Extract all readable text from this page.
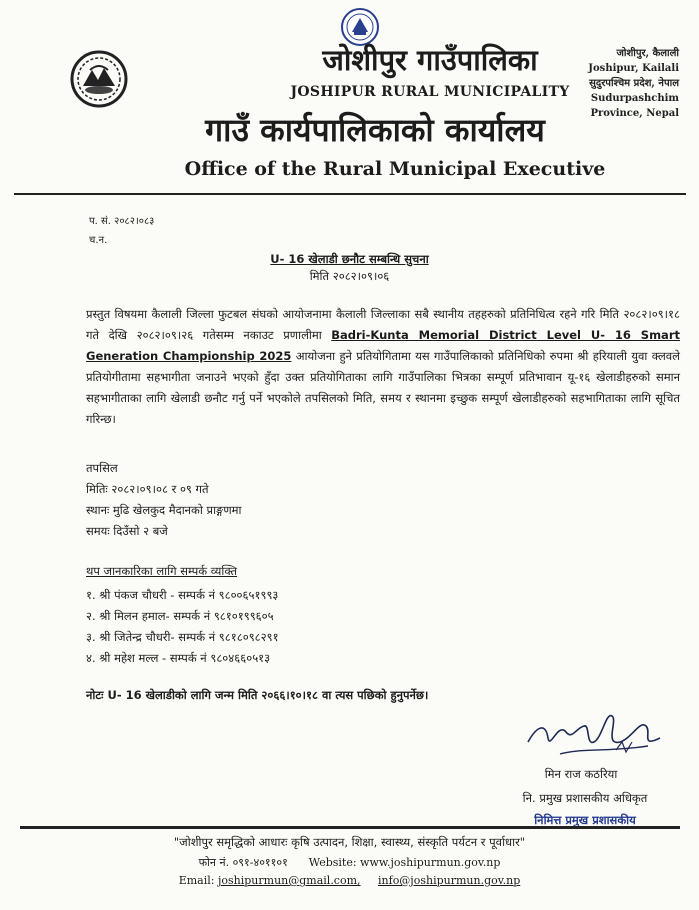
जोशीपुर गाउँपालिका
JOSHIPUR RURAL MUNICIPALITY
गाउँ कार्यपालिकाको कार्यालय
Office of the Rural Municipal Executive
जोशीपुर, कैलाली
Joshipur, Kailali
सुदुरपश्चिम प्रदेश, नेपाल
Sudurpashchim
Province, Nepal
प. सं. २०८२।०८३
च.न.
U- 16 खेलाडी छनौट सम्बन्धि सुचना
मिति २०८२।०९।०६
प्रस्तुत विषयमा कैलाली जिल्ला फुटबल संघको आयोजनामा कैलाली जिल्लाका सबै स्थानीय तहहरुको प्रतिनिधित्व रहने गरि मिति २०८२।०९।१८ गते देखि २०८२।०९।२६ गतेसम्म नकाउट प्रणालीमा Badri-Kunta Memorial District Level U- 16 Smart Generation Championship 2025 आयोजना हुने प्रतियोगितामा यस गाउँपालिकाको प्रतिनिधिको रुपमा श्री हरियाली युवा क्लवले प्रतियोगीतामा सहभागीता जनाउने भएको हुँदा उक्त प्रतियोगिताका लागि गाउँपालिका भित्रका सम्पूर्ण प्रतिभावान यू-१६ खेलाडीहरुको समान सहभागीताका लागि खेलाडी छनौट गर्नु पर्ने भएकोले तपसिलको मिति, समय र स्थानमा इच्छुक सम्पूर्ण खेलाडीहरुको सहभागिताका लागि सूचित गरिन्छ।
तपसिल
मितिः २०८२।०९।०८ र ०९ गते
स्थानः मुढि खेलकुद मैदानको प्राङ्गणमा
समयः दिउँसो २ बजे
थप जानकारिका लागि सम्पर्क व्यक्ति
१. श्री पंकज चौधरी - सम्पर्क नं ९८००६५१९९३
२. श्री मिलन हमाल- सम्पर्क नं ९८१०१९९६०५
३. श्री जितेन्द्र चौधरी- सम्पर्क नं ९८१८०९८२९१
४. श्री महेश मल्ल - सम्पर्क नं ९८०४६६०५१३
नोटः U- 16 खेलाडीको लागि जन्म मिति २०६६।१०।१८ वा त्यस पछिको हुनुपर्नेछ।
मिन राज कठरिया
नि. प्रमुख प्रशासकीय अधिकृत
निमित्त प्रमुख प्रशासकीय
"जोशीपुर समृद्धिको आधारः कृषि उत्पादन, शिक्षा, स्वास्थ्य, संस्कृति पर्यटन र पूर्वाधार"
फोन नं. ०९१-४०११०१ Website: www.joshipurmun.gov.np
Email: joshipurmun@gmail.com, info@joshipurmun.gov.np
